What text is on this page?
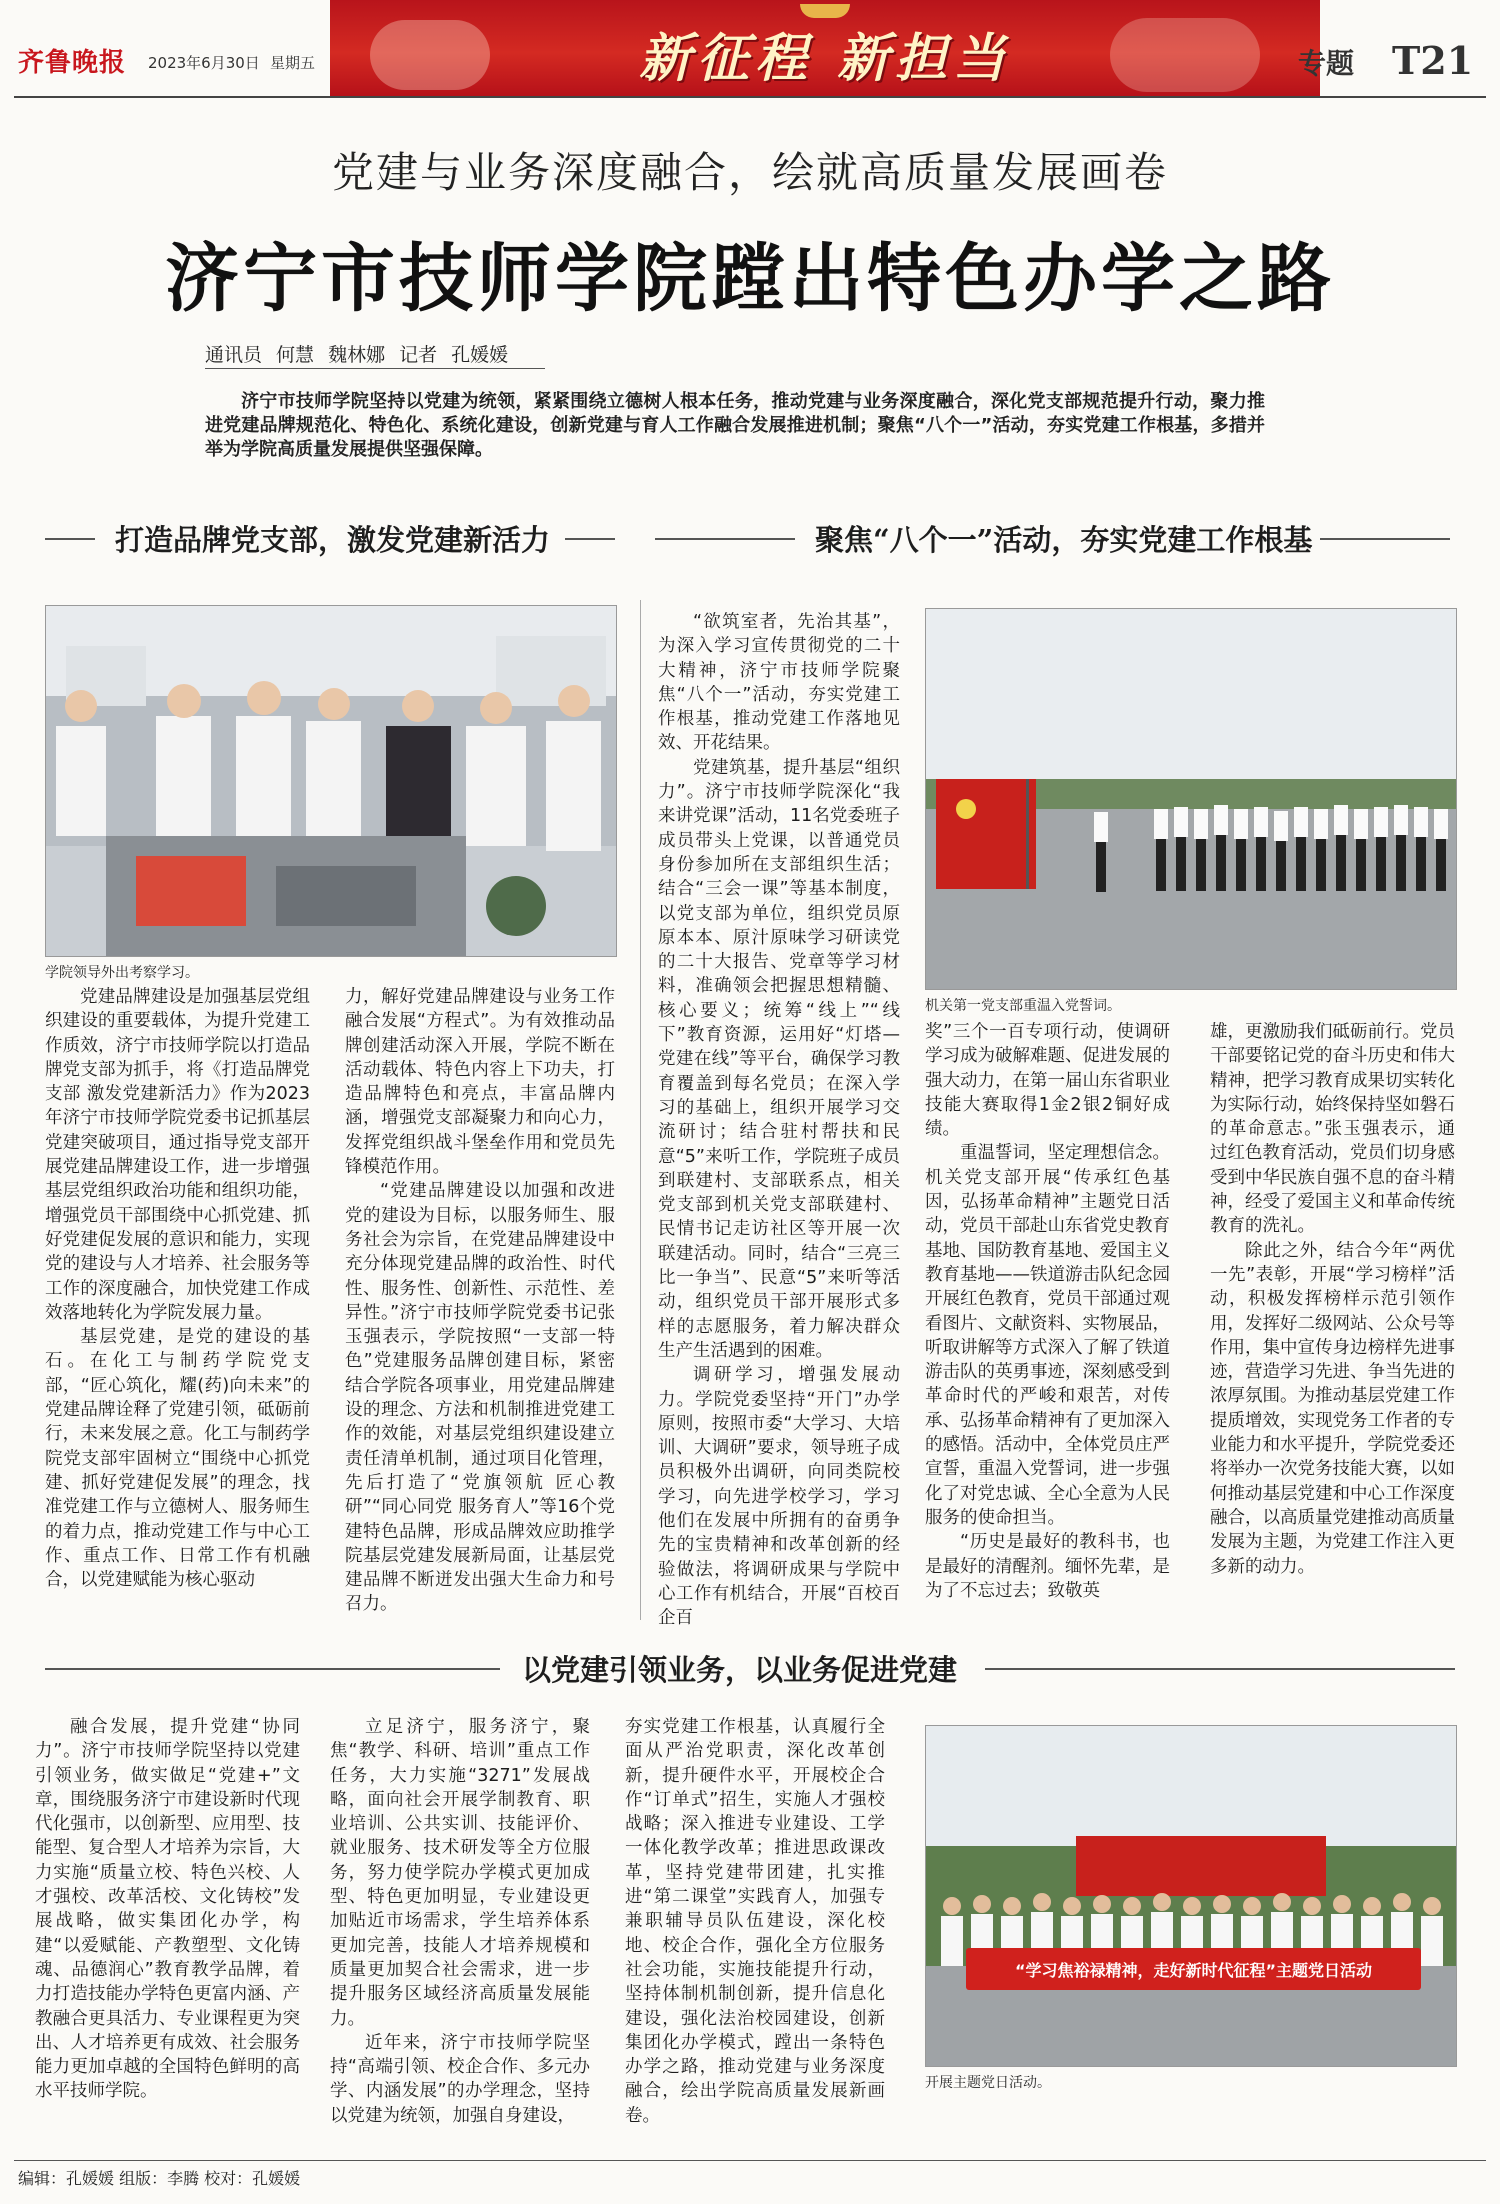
齐鲁晚报 2023年6月30日 星期五	新征程 新担当	专题 T21
党建与业务深度融合，绘就高质量发展画卷
济宁市技师学院蹚出特色办学之路
通讯员 何慧 魏林娜 记者 孔媛媛
济宁市技师学院坚持以党建为统领，紧紧围绕立德树人根本任务，推动党建与业务深度融合，深化党支部规范提升行动，聚力推进党建品牌规范化、特色化、系统化建设，创新党建与育人工作融合发展推进机制；聚焦“八个一”活动，夯实党建工作根基，多措并举为学院高质量发展提供坚强保障。
打造品牌党支部，激发党建新活力	聚焦“八个一”活动，夯实党建工作根基
学院领导外出考察学习。

党建品牌建设是加强基层党组织建设的重要载体，为提升党建工作质效，济宁市技师学院以打造品牌党支部为抓手，将《打造品牌党支部 激发党建新活力》作为2023年济宁市技师学院党委书记抓基层党建突破项目，通过指导党支部开展党建品牌建设工作，进一步增强基层党组织政治功能和组织功能，增强党员干部围绕中心抓党建、抓好党建促发展的意识和能力，实现党的建设与人才培养、社会服务等工作的深度融合，加快党建工作成效落地转化为学院发展力量。

基层党建，是党的建设的基石。在化工与制药学院党支部，“匠心筑化，耀(药)向未来”的党建品牌诠释了党建引领，砥砺前行，未来发展之意。化工与制药学院党支部牢固树立“围绕中心抓党建、抓好党建促发展”的理念，找准党建工作与立德树人、服务师生的着力点，推动党建工作与中心工作、重点工作、日常工作有机融合，以党建赋能为核心驱动

力，解好党建品牌建设与业务工作融合发展“方程式”。为有效推动品牌创建活动深入开展，学院不断在活动载体、特色内容上下功夫，打造品牌特色和亮点，丰富品牌内涵，增强党支部凝聚力和向心力，发挥党组织战斗堡垒作用和党员先锋模范作用。

“党建品牌建设以加强和改进党的建设为目标，以服务师生、服务社会为宗旨，在党建品牌建设中充分体现党建品牌的政治性、时代性、服务性、创新性、示范性、差异性。”济宁市技师学院党委书记张玉强表示，学院按照“一支部一特色”党建服务品牌创建目标，紧密结合学院各项事业，用党建品牌建设的理念、方法和机制推进党建工作的效能，对基层党组织建设建立责任清单机制，通过项目化管理，先后打造了“党旗领航 匠心教研”“同心同党 服务育人”等16个党建特色品牌，形成品牌效应助推学院基层党建发展新局面，让基层党建品牌不断迸发出强大生命力和号召力。

“欲筑室者，先治其基”，为深入学习宣传贯彻党的二十大精神，济宁市技师学院聚焦“八个一”活动，夯实党建工作根基，推动党建工作落地见效、开花结果。

党建筑基，提升基层“组织力”。济宁市技师学院深化“我来讲党课”活动，11名党委班子成员带头上党课，以普通党员身份参加所在支部组织生活；结合“三会一课”等基本制度，以党支部为单位，组织党员原原本本、原汁原味学习研读党的二十大报告、党章等学习材料，准确领会把握思想精髓、核心要义；统筹“线上”“线下”教育资源，运用好“灯塔—党建在线”等平台，确保学习教育覆盖到每名党员；在深入学习的基础上，组织开展学习交流研讨；结合驻村帮扶和民意“5”来听工作，学院班子成员到联建村、支部联系点，相关党支部到机关党支部联建村、民情书记走访社区等开展一次联建活动。同时，结合“三亮三比一争当”、民意“5”来听等活动，组织党员干部开展形式多样的志愿服务，着力解决群众生产生活遇到的困难。

调研学习，增强发展动力。学院党委坚持“开门”办学原则，按照市委“大学习、大培训、大调研”要求，领导班子成员积极外出调研，向同类院校学习，向先进学校学习，学习他们在发展中所拥有的奋勇争先的宝贵精神和改革创新的经验做法，将调研成果与学院中心工作有机结合，开展“百校百企百

机关第一党支部重温入党誓词。

奖”三个一百专项行动，使调研学习成为破解难题、促进发展的强大动力，在第一届山东省职业技能大赛取得1金2银2铜好成绩。

重温誓词，坚定理想信念。机关党支部开展“传承红色基因，弘扬革命精神”主题党日活动，党员干部赴山东省党史教育基地、国防教育基地、爱国主义教育基地——铁道游击队纪念园开展红色教育，党员干部通过观看图片、文献资料、实物展品，听取讲解等方式深入了解了铁道游击队的英勇事迹，深刻感受到革命时代的严峻和艰苦，对传承、弘扬革命精神有了更加深入的感悟。活动中，全体党员庄严宣誓，重温入党誓词，进一步强化了对党忠诚、全心全意为人民服务的使命担当。

“历史是最好的教科书，也是最好的清醒剂。缅怀先辈，是为了不忘过去；致敬英

雄，更激励我们砥砺前行。党员干部要铭记党的奋斗历史和伟大精神，把学习教育成果切实转化为实际行动，始终保持坚如磐石的革命意志。”张玉强表示，通过红色教育活动，党员们切身感受到中华民族自强不息的奋斗精神，经受了爱国主义和革命传统教育的洗礼。

除此之外，结合今年“两优一先”表彰，开展“学习榜样”活动，积极发挥榜样示范引领作用，发挥好二级网站、公众号等作用，集中宣传身边榜样先进事迹，营造学习先进、争当先进的浓厚氛围。为推动基层党建工作提质增效，实现党务工作者的专业能力和水平提升，学院党委还将举办一次党务技能大赛，以如何推动基层党建和中心工作深度融合，以高质量党建推动高质量发展为主题，为党建工作注入更多新的动力。

以党建引领业务，以业务促进党建

融合发展，提升党建“协同力”。济宁市技师学院坚持以党建引领业务，做实做足“党建+”文章，围绕服务济宁市建设新时代现代化强市，以创新型、应用型、技能型、复合型人才培养为宗旨，大力实施“质量立校、特色兴校、人才强校、改革活校、文化铸校”发展战略，做实集团化办学，构建“以爱赋能、产教塑型、文化铸魂、品德润心”教育教学品牌，着力打造技能办学特色更富内涵、产教融合更具活力、专业课程更为突出、人才培养更有成效、社会服务能力更加卓越的全国特色鲜明的高水平技师学院。

立足济宁，服务济宁，聚焦“教学、科研、培训”重点工作任务，大力实施“3271”发展战略，面向社会开展学制教育、职业培训、公共实训、技能评价、就业服务、技术研发等全方位服务，努力使学院办学模式更加成型、特色更加明显，专业建设更加贴近市场需求，学生培养体系更加完善，技能人才培养规模和质量更加契合社会需求，进一步提升服务区域经济高质量发展能力。

近年来，济宁市技师学院坚持“高端引领、校企合作、多元办学、内涵发展”的办学理念，坚持以党建为统领，加强自身建设，

夯实党建工作根基，认真履行全面从严治党职责，深化改革创新，提升硬件水平，开展校企合作“订单式”招生，实施人才强校战略；深入推进专业建设、工学一体化教学改革；推进思政课改革，坚持党建带团建，扎实推进“第二课堂”实践育人，加强专兼职辅导员队伍建设，深化校地、校企合作，强化全方位服务社会功能，实施技能提升行动，坚持体制机制创新，提升信息化建设，强化法治校园建设，创新集团化办学模式，蹚出一条特色办学之路，推动党建与业务深度融合，绘出学院高质量发展新画卷。

“学习焦裕禄精神，走好新时代征程”主题党日活动
开展主题党日活动。
编辑：孔媛媛 组版：李腾 校对：孔媛媛
